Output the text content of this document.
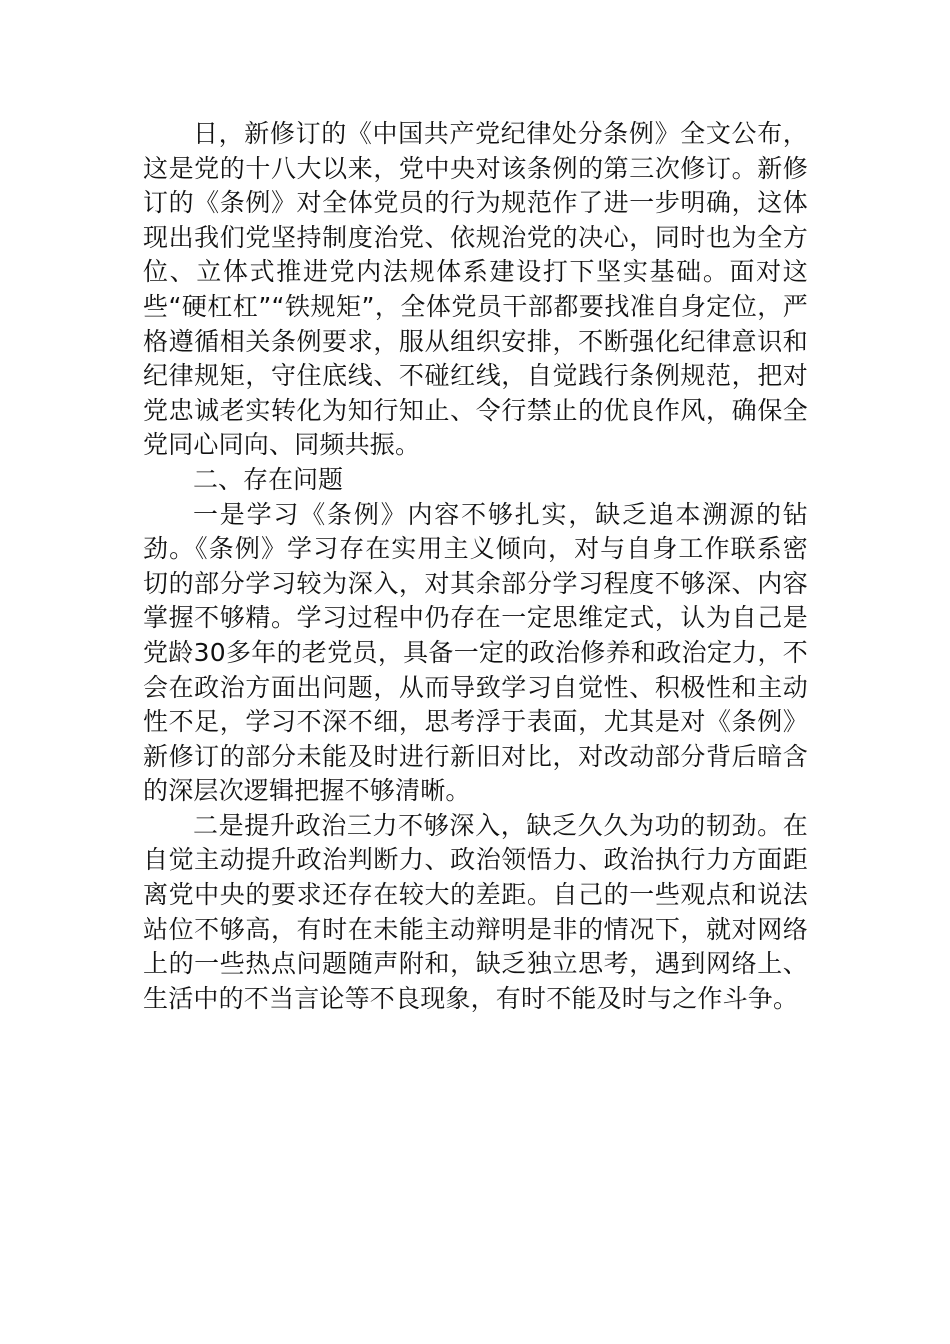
日，新修订的《中国共产党纪律处分条例》全文公布，这是党的十八大以来，党中央对该条例的第三次修订。新修订的《条例》对全体党员的行为规范作了进一步明确，这体现出我们党坚持制度治党、依规治党的决心，同时也为全方位、立体式推进党内法规体系建设打下坚实基础。面对这些“硬杠杠”“铁规矩”，全体党员干部都要找准自身定位，严格遵循相关条例要求，服从组织安排，不断强化纪律意识和纪律规矩，守住底线、不碰红线，自觉践行条例规范，把对党忠诚老实转化为知行知止、令行禁止的优良作风，确保全党同心同向、同频共振。

二、存在问题

一是学习《条例》内容不够扎实，缺乏追本溯源的钻劲。《条例》学习存在实用主义倾向，对与自身工作联系密切的部分学习较为深入，对其余部分学习程度不够深、内容掌握不够精。学习过程中仍存在一定思维定式，认为自己是党龄30多年的老党员，具备一定的政治修养和政治定力，不会在政治方面出问题，从而导致学习自觉性、积极性和主动性不足，学习不深不细，思考浮于表面，尤其是对《条例》新修订的部分未能及时进行新旧对比，对改动部分背后暗含的深层次逻辑把握不够清晰。

二是提升政治三力不够深入，缺乏久久为功的韧劲。在自觉主动提升政治判断力、政治领悟力、政治执行力方面距离党中央的要求还存在较大的差距。自己的一些观点和说法站位不够高，有时在未能主动辩明是非的情况下，就对网络上的一些热点问题随声附和，缺乏独立思考，遇到网络上、生活中的不当言论等不良现象，有时不能及时与之作斗争。
